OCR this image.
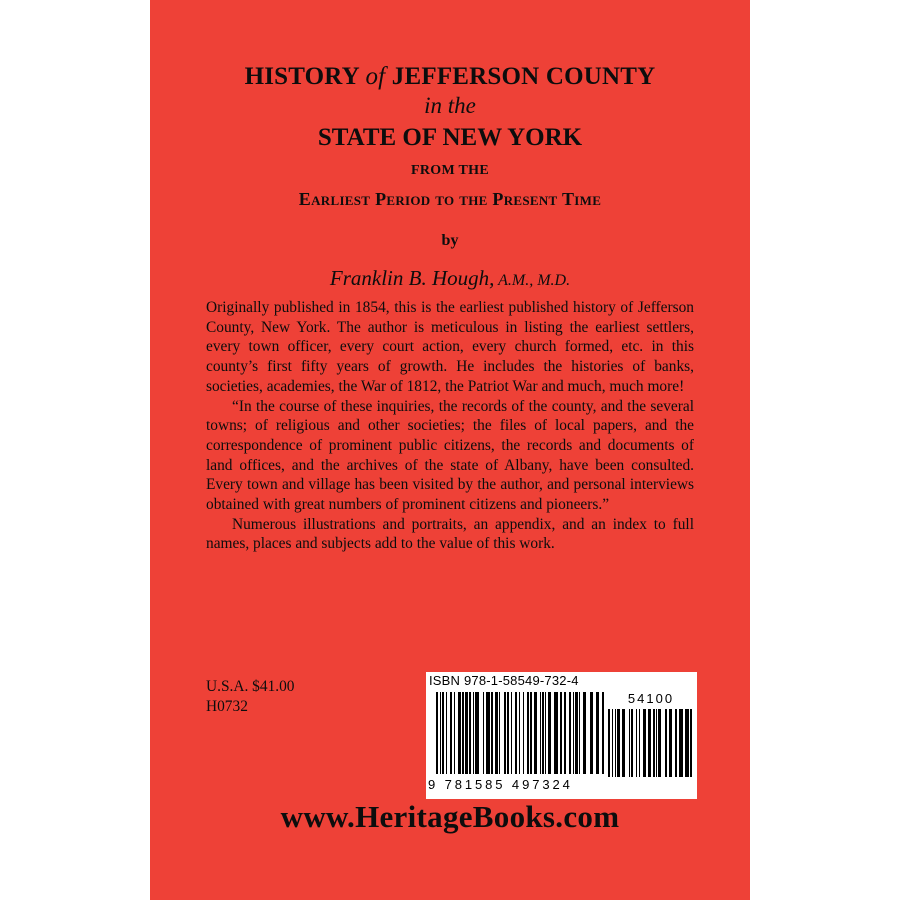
HISTORY of JEFFERSON COUNTY
in the
STATE OF NEW YORK
FROM THE
Earliest Period to the Present Time
by
Franklin B. Hough, A.M., M.D.

Originally published in 1854, this is the earliest published history of Jefferson County, New York. The author is meticulous in listing the earliest settlers, every town officer, every court action, every church formed, etc. in this county’s first fifty years of growth. He includes the histories of banks, societies, academies, the War of 1812, the Patriot War and much, much more!

“In the course of these inquiries, the records of the county, and the several towns; of religious and other societies; the files of local papers, and the correspondence of prominent public citizens, the records and documents of land offices, and the archives of the state of Albany, have been consulted. Every town and village has been visited by the author, and personal interviews obtained with great numbers of prominent citizens and pioneers.”

Numerous illustrations and portraits, an appendix, and an index to full names, places and subjects add to the value of this work.

U.S.A. $41.00
H0732
ISBN 978-1-58549-732-4
54100
9 781585 497324
www.HeritageBooks.com
